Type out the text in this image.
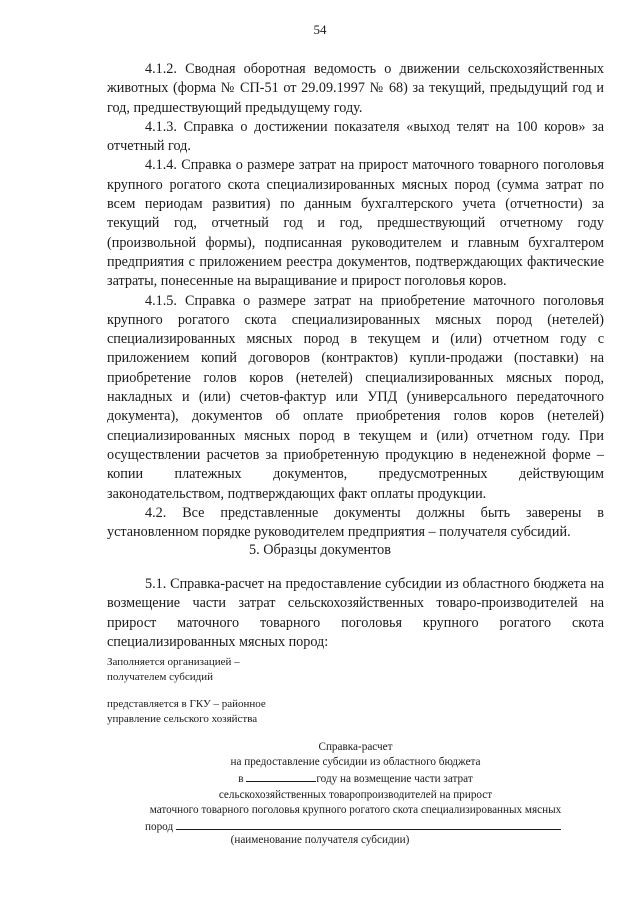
54

4.1.2. Сводная оборотная ведомость о движении сельскохозяйственных животных (форма № СП-51 от 29.09.1997 № 68) за текущий, предыдущий год и год, предшествующий предыдущему году.

4.1.3. Справка о достижении показателя «выход телят на 100 коров» за отчетный год.

4.1.4. Справка о размере затрат на прирост маточного товарного поголовья крупного рогатого скота специализированных мясных пород (сумма затрат по всем периодам развития) по данным бухгалтерского учета (отчетности) за текущий год, отчетный год и год, предшествующий отчетному году (произвольной формы), подписанная руководителем и главным бухгалтером предприятия с приложением реестра документов, подтверждающих фактические затраты, понесенные на выращивание и прирост поголовья коров.

4.1.5. Справка о размере затрат на приобретение маточного поголовья крупного рогатого скота специализированных мясных пород (нетелей) специализированных мясных пород в текущем и (или) отчетном году с приложением копий договоров (контрактов) купли-продажи (поставки) на приобретение голов коров (нетелей) специализированных мясных пород, накладных и (или) счетов-фактур или УПД (универсального передаточного документа), документов об оплате приобретения голов коров (нетелей) специализированных мясных пород в текущем и (или) отчетном году. При осуществлении расчетов за приобретенную продукцию в неденежной форме – копии платежных документов, предусмотренных действующим законодательством, подтверждающих факт оплаты продукции.

4.2. Все представленные документы должны быть заверены в установленном порядке руководителем предприятия – получателя субсидий.

5. Образцы документов

5.1. Справка-расчет на предоставление субсидии из областного бюджета на возмещение части затрат сельскохозяйственных товаро-производителей на прирост маточного товарного поголовья крупного рогатого скота специализированных мясных пород:

Заполняется организацией –
получателем субсидий
представляется в ГКУ – районное
управление сельского хозяйства
Справка-расчет
на предоставление субсидии из областного бюджета
в	году на возмещение части затрат
сельскохозяйственных товаропроизводителей на прирост
маточного товарного поголовья крупного рогатого скота специализированных мясных
пород
(наименование получателя субсидии)
